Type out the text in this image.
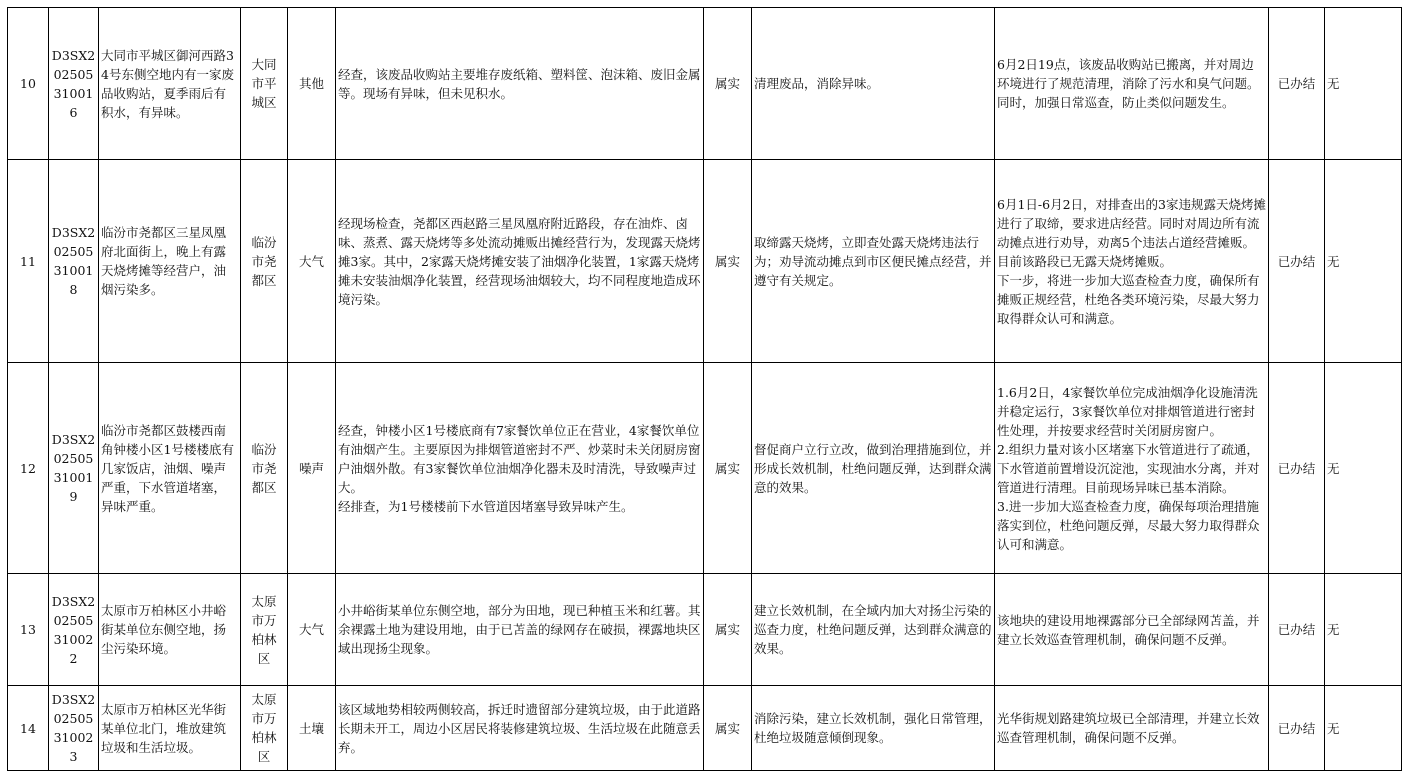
10	D3SX2
02505
31001
6	大同市平城区御河西路34号东侧空地内有一家废品收购站，夏季雨后有积水，有异味。	大同
市平
城区	其他	经查，该废品收购站主要堆存废纸箱、塑料筐、泡沫箱、废旧金属等。现场有异味，但未见积水。	属实	清理废品，消除异味。	6月2日19点，该废品收购站已搬离，并对周边环境进行了规范清理，消除了污水和臭气问题。同时，加强日常巡查，防止类似问题发生。	已办结	无
11	D3SX2
02505
31001
8	临汾市尧都区三星凤凰府北面街上，晚上有露天烧烤摊等经营户，油烟污染多。	临汾
市尧
都区	大气	经现场检查，尧都区西赵路三星凤凰府附近路段，存在油炸、卤味、蒸煮、露天烧烤等多处流动摊贩出摊经营行为，发现露天烧烤摊3家。其中，2家露天烧烤摊安装了油烟净化装置，1家露天烧烤摊未安装油烟净化装置，经营现场油烟较大，均不同程度地造成环境污染。	属实	取缔露天烧烤，立即查处露天烧烤违法行为；劝导流动摊点到市区便民摊点经营，并遵守有关规定。	6月1日-6月2日，对排查出的3家违规露天烧烤摊进行了取缔，要求进店经营。同时对周边所有流动摊点进行劝导，劝离5个违法占道经营摊贩。目前该路段已无露天烧烤摊贩。
下一步，将进一步加大巡查检查力度，确保所有摊贩正规经营，杜绝各类环境污染，尽最大努力取得群众认可和满意。	已办结	无
12	D3SX2
02505
31001
9	临汾市尧都区鼓楼西南角钟楼小区1号楼楼底有几家饭店，油烟、噪声严重，下水管道堵塞，异味严重。	临汾
市尧
都区	噪声	经查，钟楼小区1号楼底商有7家餐饮单位正在营业，4家餐饮单位有油烟产生。主要原因为排烟管道密封不严、炒菜时未关闭厨房窗户油烟外散。有3家餐饮单位油烟净化器未及时清洗，导致噪声过大。
经排查，为1号楼楼前下水管道因堵塞导致异味产生。	属实	督促商户立行立改，做到治理措施到位，并形成长效机制，杜绝问题反弹，达到群众满意的效果。	1.6月2日，4家餐饮单位完成油烟净化设施清洗并稳定运行，3家餐饮单位对排烟管道进行密封性处理，并按要求经营时关闭厨房窗户。
2.组织力量对该小区堵塞下水管道进行了疏通，下水管道前置增设沉淀池，实现油水分离，并对管道进行清理。目前现场异味已基本消除。
3.进一步加大巡查检查力度，确保每项治理措施落实到位，杜绝问题反弹，尽最大努力取得群众认可和满意。	已办结	无
13	D3SX2
02505
31002
2	太原市万柏林区小井峪街某单位东侧空地，扬尘污染环境。	太原
市万
柏林
区	大气	小井峪街某单位东侧空地，部分为田地，现已种植玉米和红薯。其余裸露土地为建设用地，由于已苫盖的绿网存在破损，裸露地块区域出现扬尘现象。	属实	建立长效机制，在全域内加大对扬尘污染的巡查力度，杜绝问题反弹，达到群众满意的效果。	该地块的建设用地裸露部分已全部绿网苫盖，并建立长效巡查管理机制，确保问题不反弹。	已办结	无
14	D3SX2
02505
31002
3	太原市万柏林区光华街某单位北门，堆放建筑垃圾和生活垃圾。	太原
市万
柏林
区	土壤	该区域地势相较两侧较高，拆迁时遗留部分建筑垃圾，由于此道路长期未开工，周边小区居民将装修建筑垃圾、生活垃圾在此随意丢弃。	属实	消除污染，建立长效机制，强化日常管理，杜绝垃圾随意倾倒现象。	光华街规划路建筑垃圾已全部清理，并建立长效巡查管理机制，确保问题不反弹。	已办结	无
